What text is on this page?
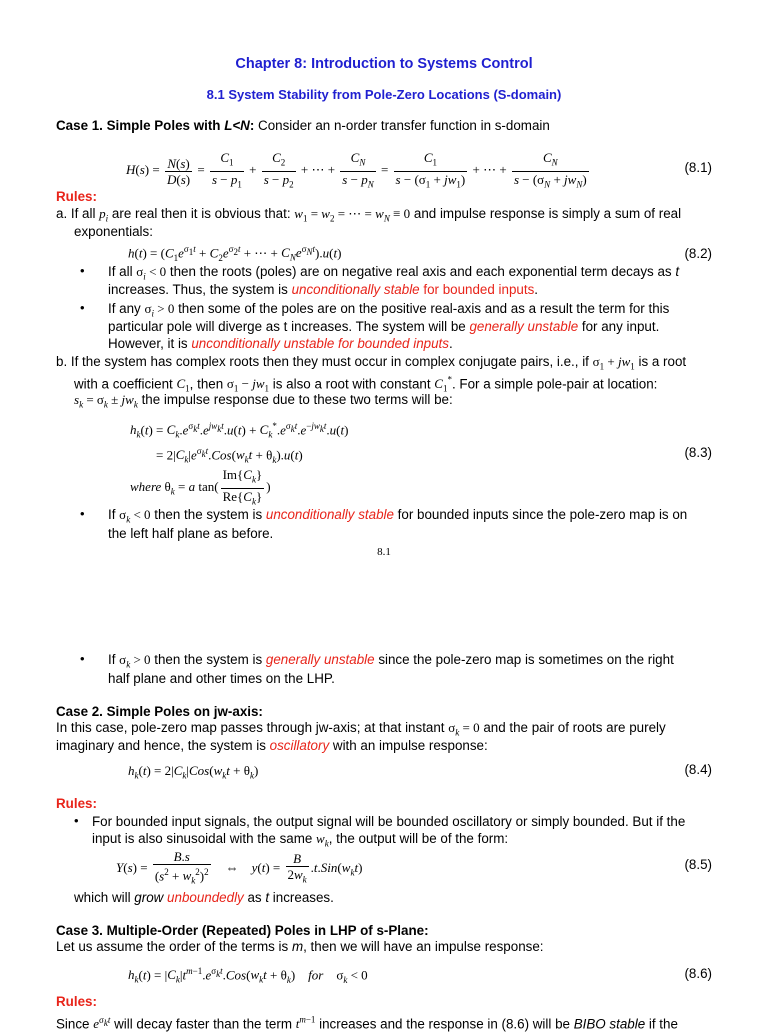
Chapter 8: Introduction to Systems Control
8.1 System Stability from Pole-Zero Locations (S-domain)
Case 1. Simple Poles with L<N: Consider an n-order transfer function in s-domain
$H(s) = \frac{N(s)}{D(s)} = \frac{C_1}{s - p_1} + \frac{C_2}{s - p_2}$ + ⋯ + $\frac{C_N}{s - p_N} = \frac{C_1}{s - (\sigma_1 + jw_1)}$ + ⋯ + $\frac{C_N}{s - (\sigma_N + jw_N)}$	(8.1)
Rules:
a. If all $p_i$ are real then it is obvious that: $w_1 = w_2$ = ⋯ = $w_N \equiv 0$ and impulse response is simply a sum of real
exponentials:
$h(t) = (C_1e^{\sigma_1t} + C_2e^{\sigma_2t}$ + ⋯ + $C_Ne^{\sigma_Nt}).u(t)$	(8.2)
• If all $\sigma_i < 0$ then the roots (poles) are on negative real axis and each exponential term decays as t
increases. Thus, the system is unconditionally stable for bounded inputs.
• If any $\sigma_i > 0$ then some of the poles are on the positive real-axis and as a result the term for this
particular pole will diverge as t increases. The system will be generally unstable for any input.
However, it is unconditionally unstable for bounded inputs.
b. If the system has complex roots then they must occur in complex conjugate pairs, i.e., if $\sigma_1 + jw_1$ is a root
with a coefficient $C_1$, then $\sigma_1 - jw_1$ is also a root with constant $C_1^*$. For a simple pole-pair at location:
$s_k = \sigma_k \pm jw_k$ the impulse response due to these two terms will be:
$h_k(t) = C_k.e^{\sigma_kt}.e^{jw_kt}.u(t) + C_k^*.e^{\sigma_kt}.e^{-jw_kt}.u(t)$
= $2|C_k|e^{\sigma_kt}.Cos(w_kt + \theta_k).u(t)$	(8.3)
where $\theta_k = a$ $\tan( \frac{Im\{C_k\}}{Re\{C_k\}}$ )
• If $\sigma_k < 0$ then the system is unconditionally stable for bounded inputs since the pole-zero map is on
the left half plane as before.
8.1
• If $\sigma_k > 0$ then the system is generally unstable since the pole-zero map is sometimes on the right
half plane and other times on the LHP.
Case 2. Simple Poles on jw-axis:
In this case, pole-zero map passes through jw-axis; at that instant $\sigma_k = 0$ and the pair of roots are purely
imaginary and hence, the system is oscillatory with an impulse response:
$h_k(t) = 2|C_k|Cos(w_kt + \theta_k)$	(8.4)
Rules:
• For bounded input signals, the output signal will be bounded oscillatory or simply bounded. But if the
input is also sinusoidal with the same $w_k$, the output will be of the form:
$Y(s) = \frac{B.s}{(s^2 + w_k^2)^2}$ ⇔    $y(t) = \frac{B}{2w_k} .t.Sin(w_kt)$	(8.5)
which will grow unboundedly as t increases.
Case 3. Multiple-Order (Repeated) Poles in LHP of s-Plane:
Let us assume the order of the terms is m, then we will have an impulse response:
$h_k(t) = |C_k|t^{m-1}.e^{\sigma_kt}.Cos(w_kt + \theta_k)$    for    $\sigma_k < 0$	(8.6)
Rules:
Since $e^{\sigma_kt}$ will decay faster than the term $t^{m-1}$ increases and the response in (8.6) will be BIBO stable if the
